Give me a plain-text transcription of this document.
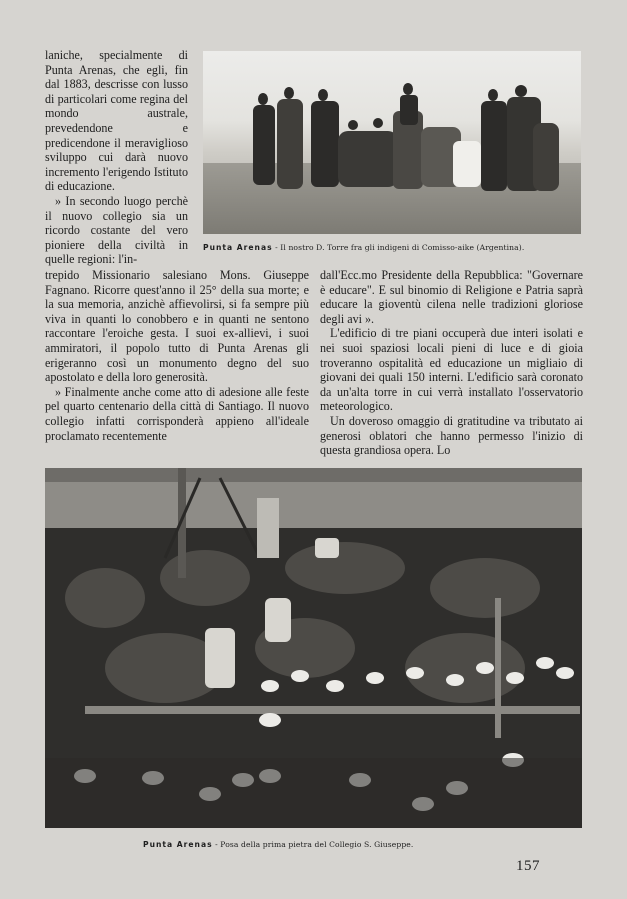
Punta Arenas - Il nostro D. Torre fra gli indigeni di Comisso-aike (Argentina).

laniche, specialmente di Punta Arenas, che egli, fin dal 1883, descrisse con lusso di particolari come regina del mondo australe, prevedendone e predicendone il meraviglioso sviluppo cui darà nuovo incremento l'erigendo Istituto di educazione.

» In secondo luogo perchè il nuovo collegio sia un ricordo costante del vero pioniere della civiltà in quelle regioni: l'in-

trepido Missionario salesiano Mons. Giuseppe Fagnano. Ricorre quest'anno il 25° della sua morte; e la sua memoria, anzichè affievolirsi, si fa sempre più viva in quanti lo conobbero e in quanti ne sentono raccontare l'eroiche gesta. I suoi ex-allievi, i suoi ammiratori, il popolo tutto di Punta Arenas gli erigeranno così un monumento degno del suo apostolato e della loro generosità.

» Finalmente anche come atto di adesione alle feste pel quarto centenario della città di Santiago. Il nuovo collegio infatti corrisponderà appieno all'ideale proclamato recentemente

dall'Ecc.mo Presidente della Repubblica: "Governare è educare". E sul binomio di Religione e Patria saprà educare la gioventù cilena nelle tradizioni gloriose degli avi ».

L'edificio di tre piani occuperà due interi isolati e nei suoi spaziosi locali pieni di luce e di gioia troveranno ospitalità ed educazione un migliaio di giovani dei quali 150 interni. L'edificio sarà coronato da un'alta torre in cui verrà installato l'osservatorio meteorologico.

Un doveroso omaggio di gratitudine va tributato ai generosi oblatori che hanno permesso l'inizio di questa grandiosa opera. Lo

Punta Arenas - Posa della prima pietra del Collegio S. Giuseppe.
157
